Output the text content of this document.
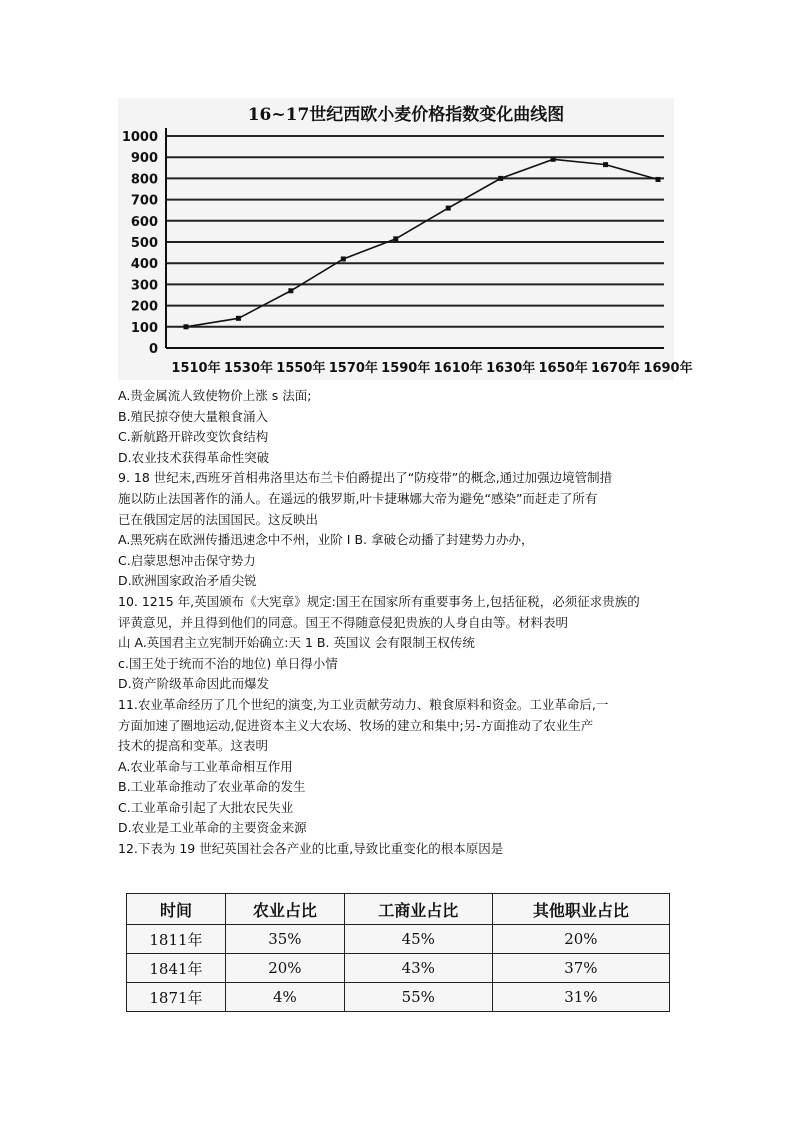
16~17世纪西欧小麦价格指数变化曲线图
0
100
200
300
400
500
600
700
800
900
1000
1510年 1530年 1550年 1570年 1590年 1610年 1630年 1650年 1670年 1690年

A.贵金属流人致使物价上涨 s 法面;

B.殖民掠夺使大量粮食涌入

C.新航路开辟改变饮食结构

D.农业技术获得革命性突破

9. 18 世纪末,西班牙首相弗洛里达布兰卡伯爵提出了“防疫带”的概念,通过加强边境管制措

施以防止法国著作的涌人。在遥远的俄罗斯,叶卡捷琳娜大帝为避免“感染”而赶走了所有

已在俄国定居的法国国民。这反映出

A.黑死病在欧洲传播迅速念中不州，业阶 I B. 拿破仑动播了封建势力办办，

C.启蒙思想冲击保守势力

D.欧洲国家政治矛盾尖锐

10. 1215 年,英国颁布《大宪章》规定:国王在国家所有重要事务上,包括征税，必须征求贵族的

评黄意见，并且得到他们的同意。国王不得随意侵犯贵族的人身自由等。材料表明

山 A.英国君主立宪制开始确立:天 1 B. 英国议 会有限制王权传统

c.国王处于统而不治的地位) 单日得小情

D.资产阶级革命因此而爆发

11.农业革命经历了几个世纪的演变,为工业贡献劳动力、粮食原料和资金。工业革命后,一

方面加速了圈地运动,促进资本主义大农场、牧场的建立和集中;另-方面推动了农业生产

技术的提高和变革。这表明

A.农业革命与工业革命相互作用

B.工业革命推动了农业革命的发生

C.工业革命引起了大批农民失业

D.农业是工业革命的主要资金来源

12.下表为 19 世纪英国社会各产业的比重,导致比重变化的根本原因是

时间	农业占比	工商业占比	其他职业占比
1811年	35%	45%	20%
1841年	20%	43%	37%
1871年	4%	55%	31%
